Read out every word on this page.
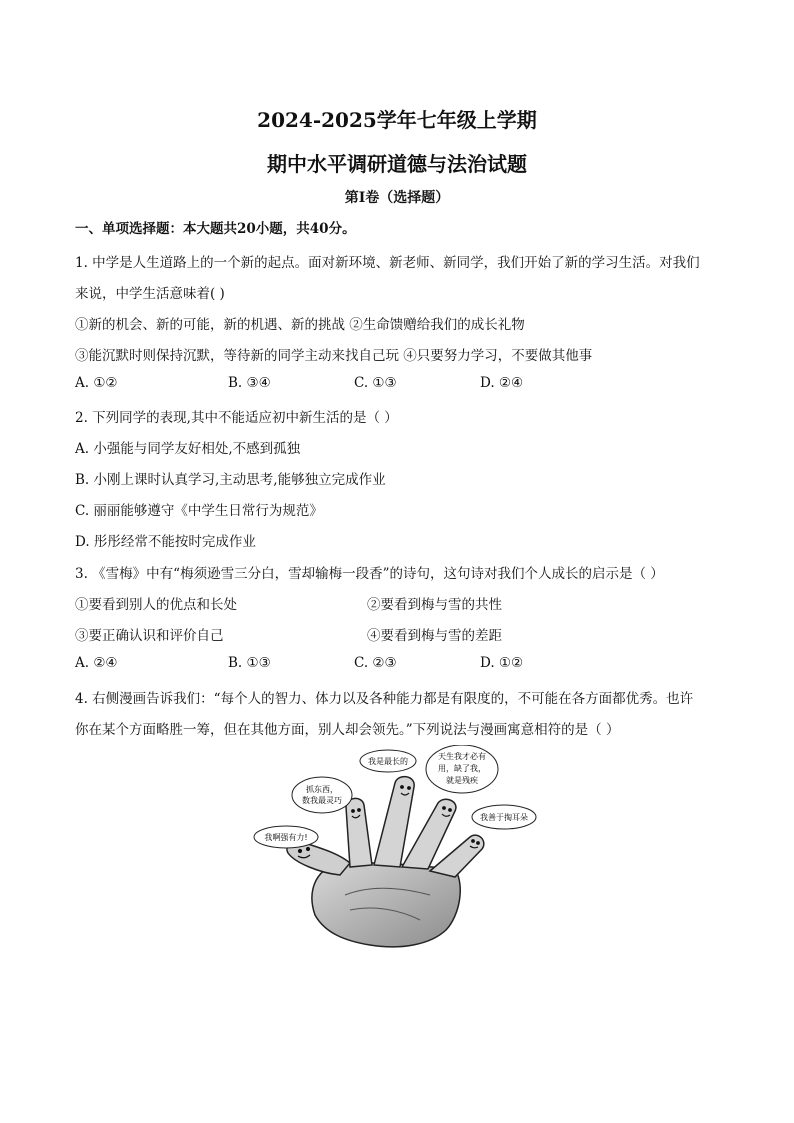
2024-2025学年七年级上学期
期中水平调研道德与法治试题
第I卷（选择题）
一、单项选择题：本大题共20小题，共40分。
1. 中学是人生道路上的一个新的起点。面对新环境、新老师、新同学，我们开始了新的学习生活。对我们
来说，中学生活意味着( )
①新的机会、新的可能，新的机遇、新的挑战 ②生命馈赠给我们的成长礼物
③能沉默时则保持沉默，等待新的同学主动来找自己玩 ④只要努力学习，不要做其他事
A. ①②	B. ③④	C. ①③	D. ②④
2. 下列同学的表现,其中不能适应初中新生活的是（ ）
A. 小强能与同学友好相处,不感到孤独
B. 小刚上课时认真学习,主动思考,能够独立完成作业
C. 丽丽能够遵守《中学生日常行为规范》
D. 彤彤经常不能按时完成作业
3. 《雪梅》中有“梅须逊雪三分白，雪却输梅一段香”的诗句，这句诗对我们个人成长的启示是（ ）
①要看到别人的优点和长处	②要看到梅与雪的共性
③要正确认识和评价自己	④要看到梅与雪的差距
A. ②④	B. ①③	C. ②③	D. ①②
4. 右侧漫画告诉我们：“每个人的智力、体力以及各种能力都是有限度的，不可能在各方面都优秀。也许
你在某个方面略胜一筹，但在其他方面，别人却会领先。”下列说法与漫画寓意相符的是（ ）
我啊强有力!
抓东西，
数我最灵巧
我是最长的
天生我才必有
用，缺了我，
就是残疾
我善于掏耳朵
